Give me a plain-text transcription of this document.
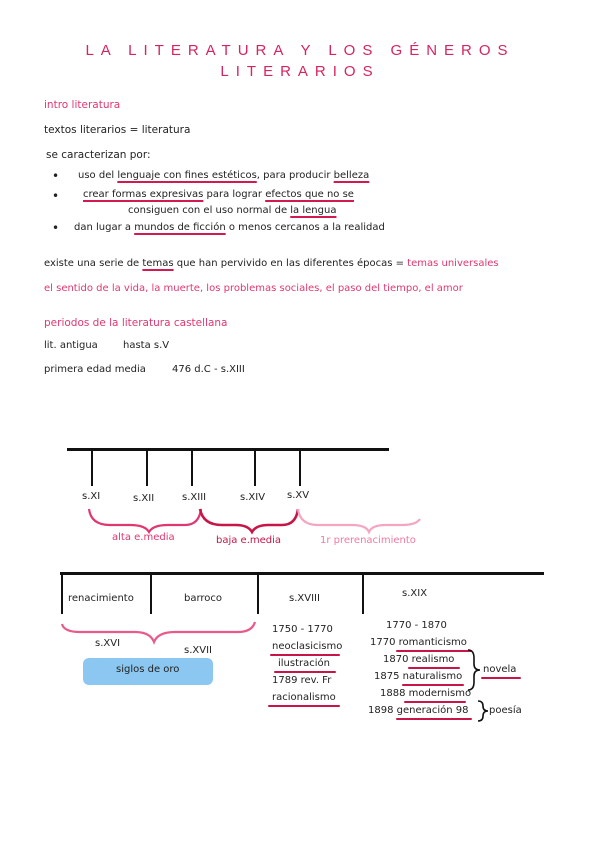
LA LITERATURA Y LOS GÉNEROS
LITERARIOS
intro literatura
textos literarios = literatura
se caracterizan por:
• uso del lenguaje con fines estéticos, para producir belleza
• crear formas expresivas para lograr efectos que no se
consiguen con el uso normal de la lengua
• dan lugar a mundos de ficción o menos cercanos a la realidad
existe una serie de temas que han pervivido en las diferentes épocas = temas universales
el sentido de la vida, la muerte, los problemas sociales, el paso del tiempo, el amor
periodos de la literatura castellana
lit. antigua	hasta s.V
primera edad media	476 d.C - s.XIII
s.XI	s.XII	s.XIII	s.XIV s.XV
alta e.media	baja e.media	1r prerenacimiento
renacimiento	barroco	s.XVIII	s.XIX
s.XVI
s.XVII
siglos de oro
1750 - 1770
neoclasicismo
ilustración
1789 rev. Fr
racionalismo
1770 - 1870
1770 romanticismo
1870 realismo
1875 naturalismo
1888 modernismo
1898 generación 98
novela
poesía
